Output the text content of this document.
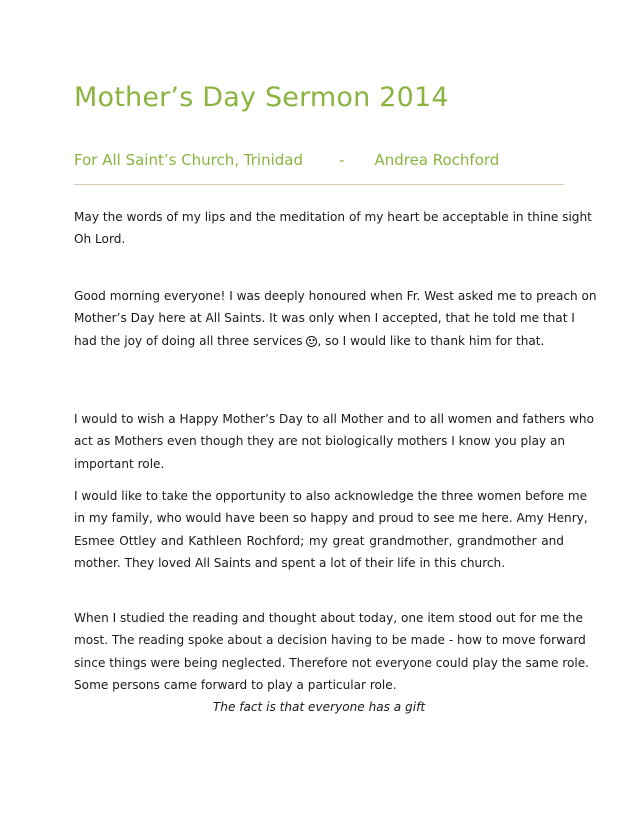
Mother’s Day Sermon 2014
For All Saint’s Church, Trinidad - Andrea Rochford

May the words of my lips and the meditation of my heart be acceptable in thine sight
Oh Lord.

Good morning everyone! I was deeply honoured when Fr. West asked me to preach on
Mother’s Day here at All Saints. It was only when I accepted, that he told me that I
had the joy of doing all three services , so I would like to thank him for that.

I would to wish a Happy Mother’s Day to all Mother and to all women and fathers who
act as Mothers even though they are not biologically mothers I know you play an
important role.

I would like to take the opportunity to also acknowledge the three women before me
in my family, who would have been so happy and proud to see me here. Amy Henry,
Esmee Ottley and Kathleen Rochford; my great grandmother, grandmother and
mother. They loved All Saints and spent a lot of their life in this church.

When I studied the reading and thought about today, one item stood out for me the
most. The reading spoke about a decision having to be made - how to move forward
since things were being neglected. Therefore not everyone could play the same role.
Some persons came forward to play a particular role.

The fact is that everyone has a gift
